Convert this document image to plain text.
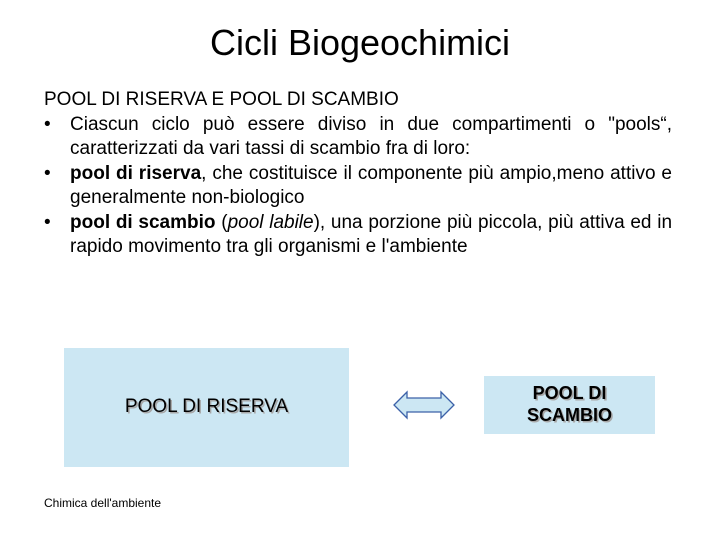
Cicli Biogeochimici

POOL DI RISERVA E POOL DI SCAMBIO

• Ciascun ciclo può essere diviso in due compartimenti o "pools“, caratterizzati da vari tassi di scambio fra di loro:
• pool di riserva, che costituisce il componente più ampio,meno attivo e generalmente non-biologico
• pool di scambio (pool labile), una porzione più piccola, più attiva ed in rapido movimento tra gli organismi e l'ambiente
POOL DI RISERVA
POOL DI
SCAMBIO
Chimica dell'ambiente
